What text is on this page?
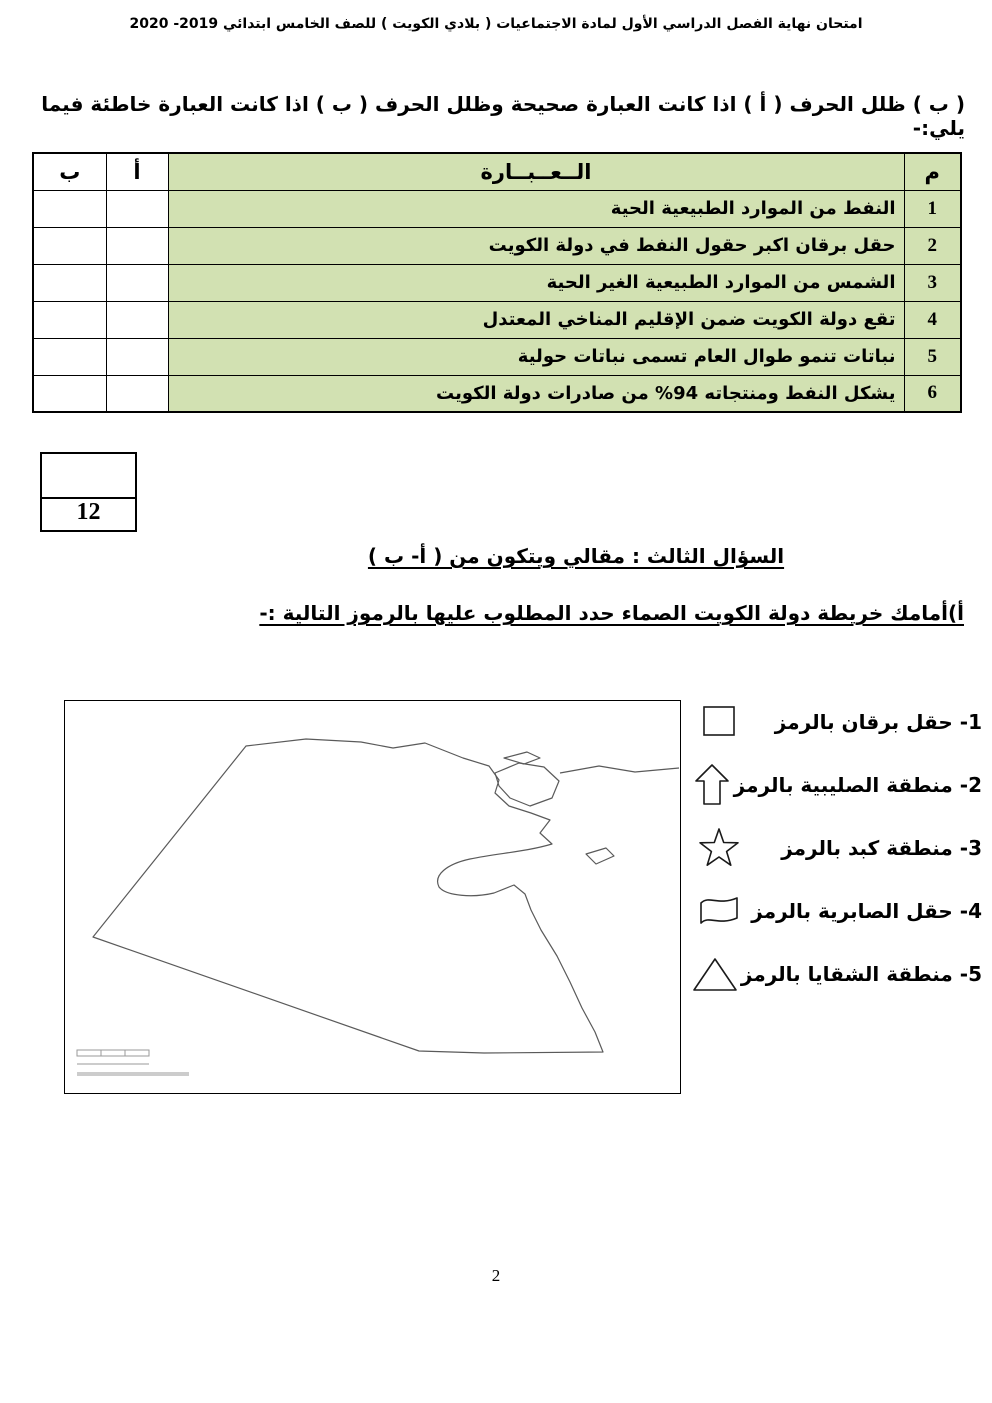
امتحان نهاية الفصل الدراسي الأول لمادة الاجتماعيات ( بلادي الكويت ) للصف الخامس ابتدائي 2019- 2020
( ب ) ظلل الحرف ( أ ) اذا كانت العبارة صحيحة وظلل الحرف ( ب ) اذا كانت العبارة خاطئة فيما يلي:-
م	الــعــبــارة	أ	ب
1	النفط من الموارد الطبيعية الحية		
2	حقل برقان اكبر حقول النفط في دولة الكويت		
3	الشمس من الموارد الطبيعية الغير الحية		
4	تقع دولة الكويت ضمن الإقليم المناخي المعتدل		
5	نباتات تنمو طوال العام تسمى نباتات حولية		
6	يشكل النفط ومنتجاته 94% من صادرات دولة الكويت		
12
السؤال الثالث : مقالي ويتكون من ( أ- ب )
أ)أمامك خريطة دولة الكويت الصماء حدد المطلوب عليها بالرموز التالية :-
1- حقل برقان بالرمز
2- منطقة الصليبية بالرمز
3- منطقة كبد بالرمز
4- حقل الصابرية بالرمز
5- منطقة الشقايا بالرمز
2
